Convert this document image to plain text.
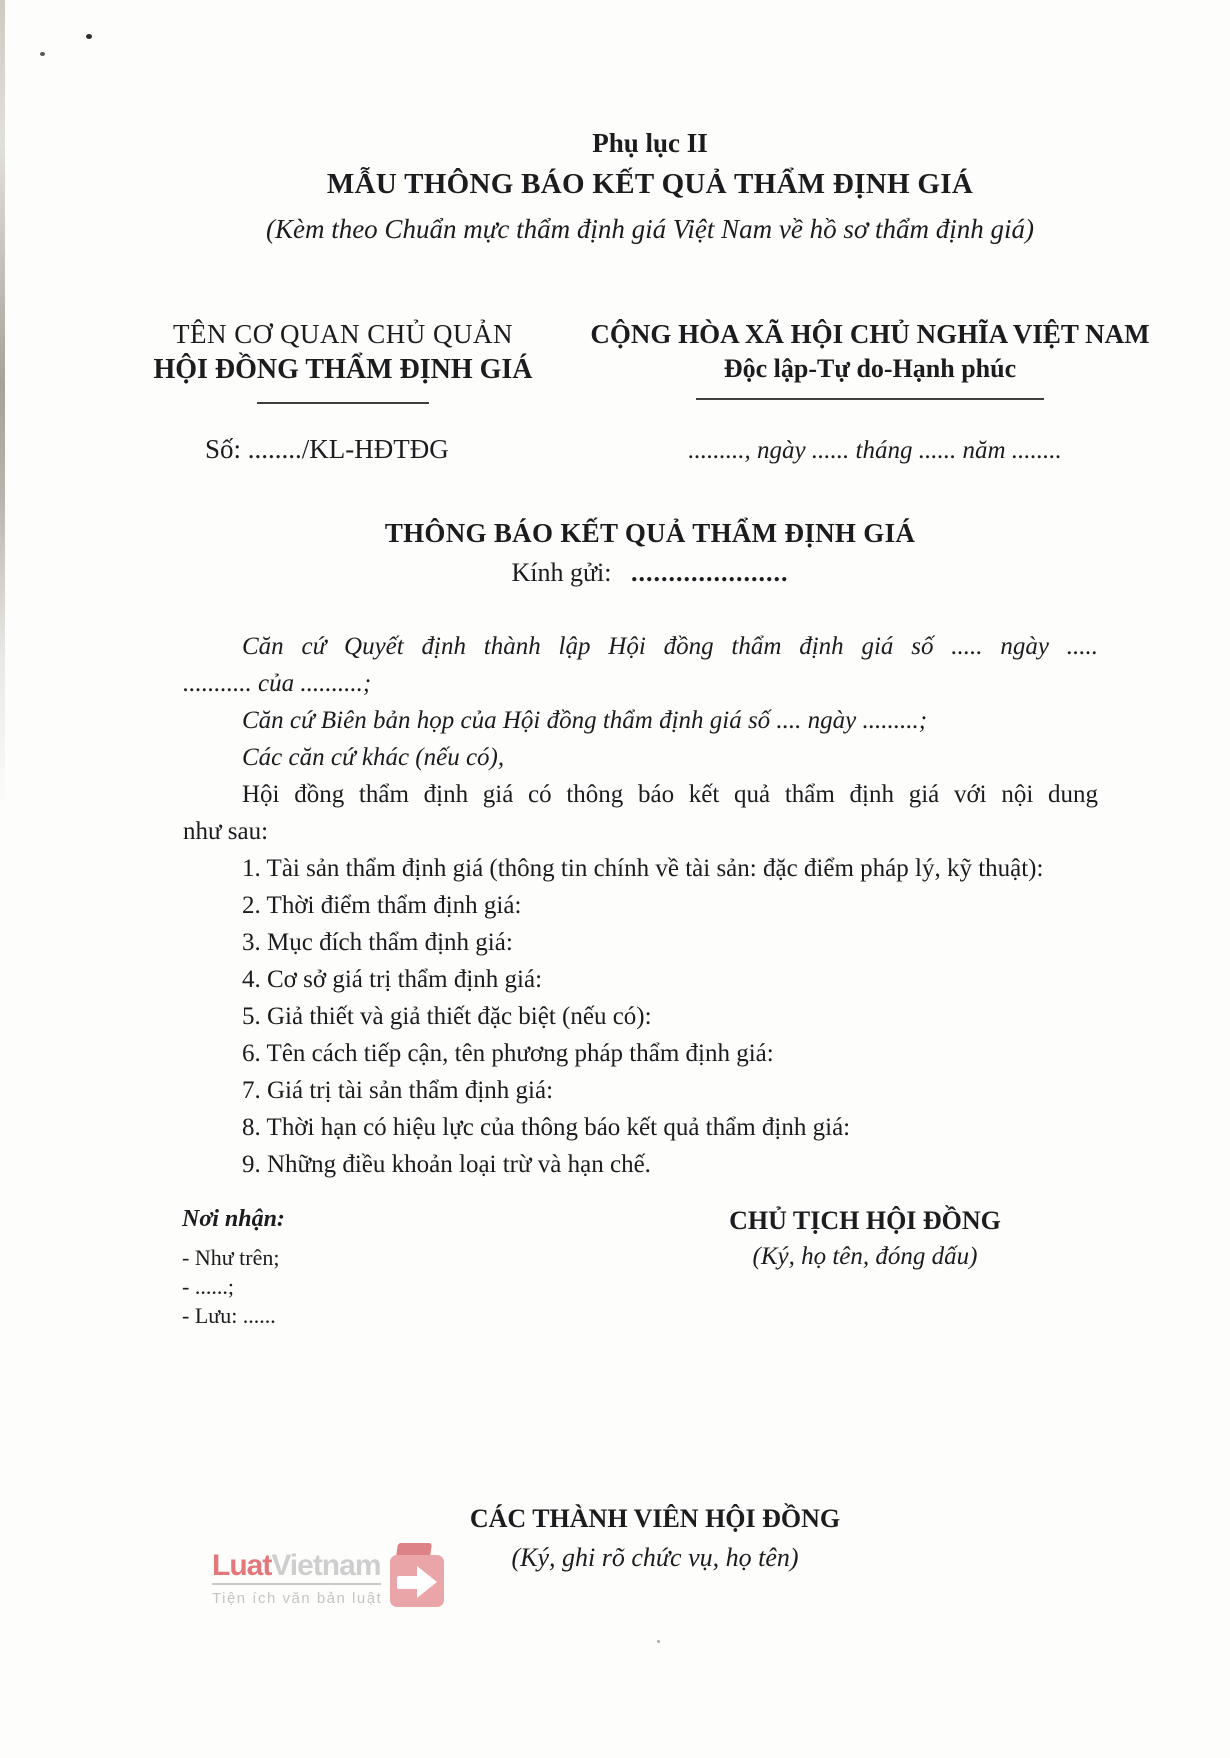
Phụ lục II
MẪU THÔNG BÁO KẾT QUẢ THẨM ĐỊNH GIÁ
(Kèm theo Chuẩn mực thẩm định giá Việt Nam về hồ sơ thẩm định giá)
TÊN CƠ QUAN CHỦ QUẢN
HỘI ĐỒNG THẨM ĐỊNH GIÁ
CỘNG HÒA XÃ HỘI CHỦ NGHĨA VIỆT NAM
Độc lập-Tự do-Hạnh phúc
Số: ......../KL-HĐTĐG	........., ngày ...... tháng ...... năm ........
THÔNG BÁO KẾT QUẢ THẨM ĐỊNH GIÁ
Kính gửi: .....................
Căn cứ Quyết định thành lập Hội đồng thẩm định giá số ..... ngày .....
........... của ..........;
Căn cứ Biên bản họp của Hội đồng thẩm định giá số .... ngày .........;
Các căn cứ khác (nếu có),
Hội đồng thẩm định giá có thông báo kết quả thẩm định giá với nội dung
như sau:
1. Tài sản thẩm định giá (thông tin chính về tài sản: đặc điểm pháp lý, kỹ thuật):
2. Thời điểm thẩm định giá:
3. Mục đích thẩm định giá:
4. Cơ sở giá trị thẩm định giá:
5. Giả thiết và giả thiết đặc biệt (nếu có):
6. Tên cách tiếp cận, tên phương pháp thẩm định giá:
7. Giá trị tài sản thẩm định giá:
8. Thời hạn có hiệu lực của thông báo kết quả thẩm định giá:
9. Những điều khoản loại trừ và hạn chế.
Nơi nhận:
- Như trên;
- ......;
- Lưu: ......
CHỦ TỊCH HỘI ĐỒNG
(Ký, họ tên, đóng dấu)
CÁC THÀNH VIÊN HỘI ĐỒNG
(Ký, ghi rõ chức vụ, họ tên)
LuatVietnam
Tiện ích văn bản luật
